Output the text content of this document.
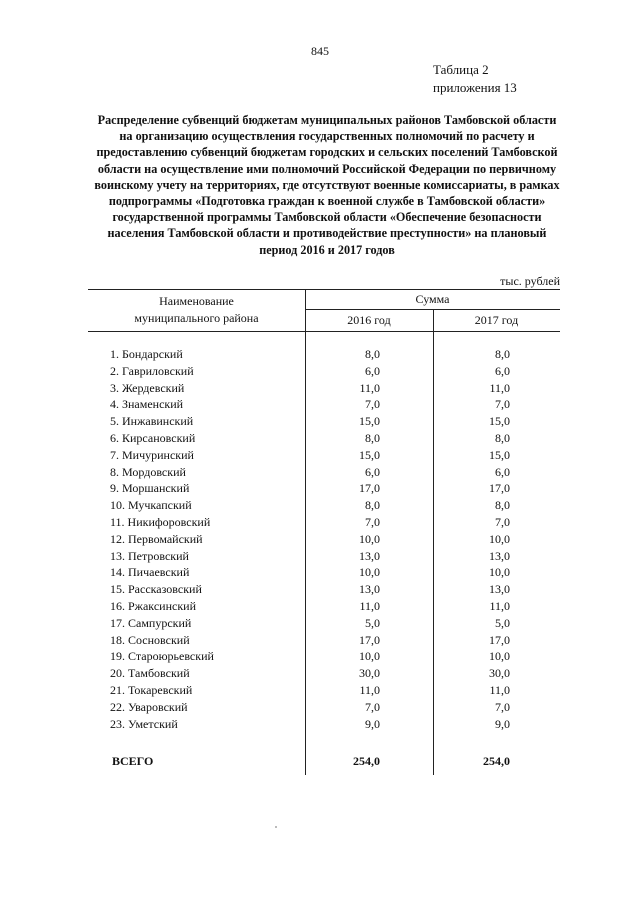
845
Таблица 2
приложения 13
Распределение субвенций бюджетам муниципальных районов Тамбовской области на организацию осуществления государственных полномочий по расчету и предоставлению субвенций бюджетам городских и сельских поселений Тамбовской области на осуществление ими полномочий Российской Федерации по первичному воинскому учету на территориях, где отсутствуют военные комиссариаты, в рамках подпрограммы «Подготовка граждан к военной службе в Тамбовской области» государственной программы Тамбовской области «Обеспечение безопасности населения Тамбовской области и противодействие преступности» на плановый период 2016 и 2017 годов
тыс. рублей
Наименование
муниципального района
Сумма
2016 год	2017 год
1. Бондарский	8,0	8,0
2. Гавриловский	6,0	6,0
3. Жердевский	11,0	11,0
4. Знаменский	7,0	7,0
5. Инжавинский	15,0	15,0
6. Кирсановский	8,0	8,0
7. Мичуринский	15,0	15,0
8. Мордовский	6,0	6,0
9. Моршанский	17,0	17,0
10. Мучкапский	8,0	8,0
11. Никифоровский	7,0	7,0
12. Первомайский	10,0	10,0
13. Петровский	13,0	13,0
14. Пичаевский	10,0	10,0
15. Рассказовский	13,0	13,0
16. Ржаксинский	11,0	11,0
17. Сампурский	5,0	5,0
18. Сосновский	17,0	17,0
19. Староюрьевский	10,0	10,0
20. Тамбовский	30,0	30,0
21. Токаревский	11,0	11,0
22. Уваровский	7,0	7,0
23. Уметский	9,0	9,0
ВСЕГО	254,0	254,0
